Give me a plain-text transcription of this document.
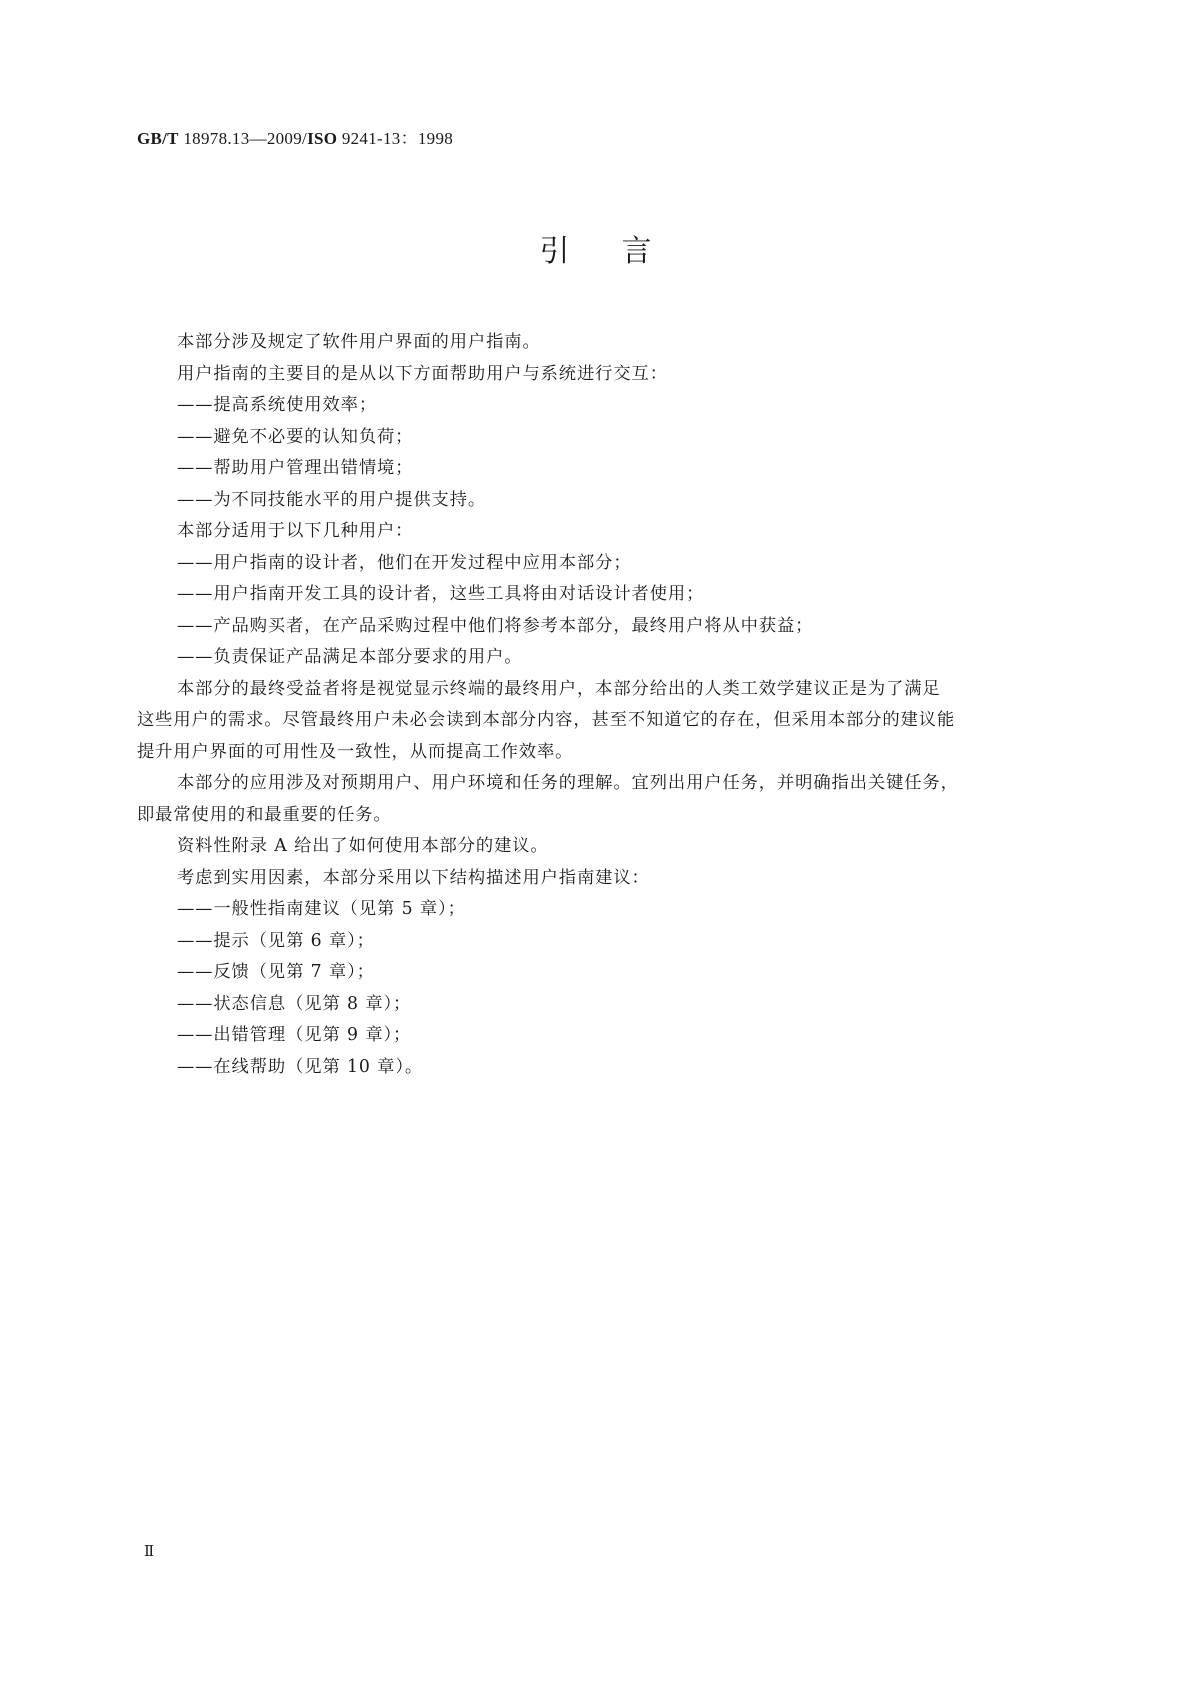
GB/T 18978.13—2009/ISO 9241-13：1998
引言

本部分涉及规定了软件用户界面的用户指南。

用户指南的主要目的是从以下方面帮助用户与系统进行交互：

——提高系统使用效率；

——避免不必要的认知负荷；

——帮助用户管理出错情境；

——为不同技能水平的用户提供支持。

本部分适用于以下几种用户：

——用户指南的设计者，他们在开发过程中应用本部分；

——用户指南开发工具的设计者，这些工具将由对话设计者使用；

——产品购买者，在产品采购过程中他们将参考本部分，最终用户将从中获益；

——负责保证产品满足本部分要求的用户。

本部分的最终受益者将是视觉显示终端的最终用户，本部分给出的人类工效学建议正是为了满足
这些用户的需求。尽管最终用户未必会读到本部分内容，甚至不知道它的存在，但采用本部分的建议能
提升用户界面的可用性及一致性，从而提高工作效率。
本部分的应用涉及对预期用户、用户环境和任务的理解。宜列出用户任务，并明确指出关键任务，
即最常使用的和最重要的任务。

资料性附录 A 给出了如何使用本部分的建议。

考虑到实用因素，本部分采用以下结构描述用户指南建议：

——一般性指南建议（见第 5 章）；

——提示（见第 6 章）；

——反馈（见第 7 章）；

——状态信息（见第 8 章）；

——出错管理（见第 9 章）；

——在线帮助（见第 10 章）。

Ⅱ
